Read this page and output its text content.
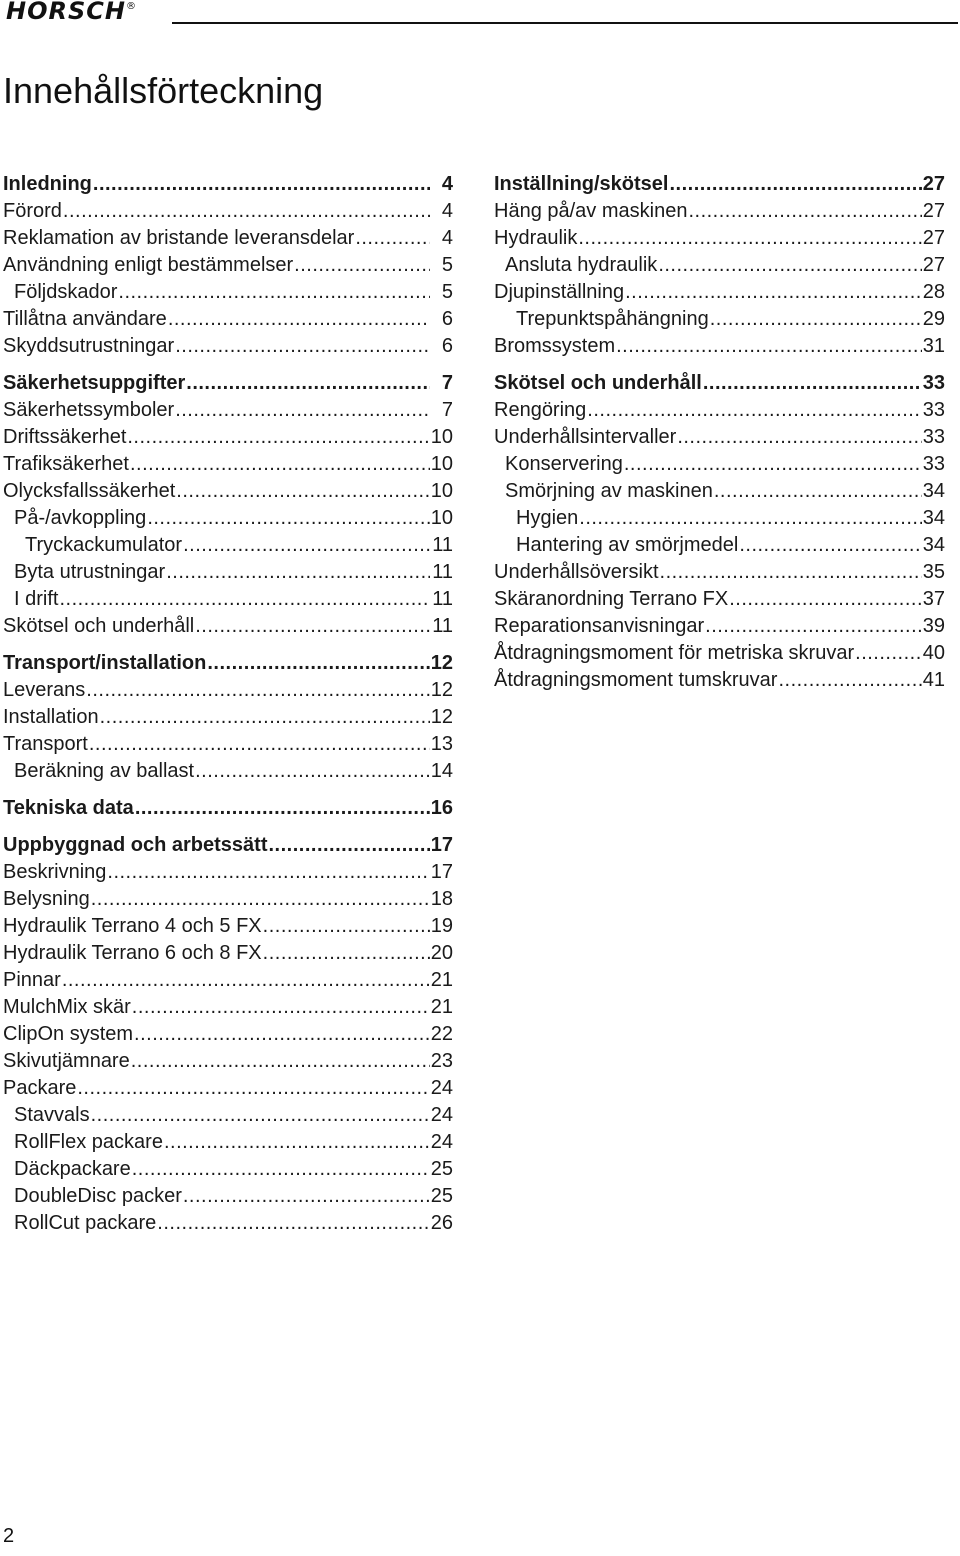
HORSCH®
Innehållsförteckning
Inledning .....	4
Förord .....	4
Reklamation av bristande leveransdelar .....	4
Användning enligt bestämmelser .....	5
Följdskador .....	5
Tillåtna användare .....	6
Skyddsutrustningar .....	6
Säkerhetsuppgifter .....	7
Säkerhetssymboler .....	7
Driftssäkerhet .....	10
Trafiksäkerhet .....	10
Olycksfallssäkerhet .....	10
På-/avkoppling .....	10
Tryckackumulator .....	11
Byta utrustningar .....	11
I drift .....	11
Skötsel och underhåll .....	11
Transport/installation .....	12
Leverans .....	12
Installation .....	12
Transport .....	13
Beräkning av ballast .....	14
Tekniska data .....	16
Uppbyggnad och arbetssätt .....	17
Beskrivning .....	17
Belysning .....	18
Hydraulik Terrano 4 och 5 FX .....	19
Hydraulik Terrano 6 och 8 FX .....	20
Pinnar .....	21
MulchMix skär .....	21
ClipOn system .....	22
Skivutjämnare .....	23
Packare .....	24
Stavvals .....	24
RollFlex packare .....	24
Däckpackare .....	25
DoubleDisc packer .....	25
RollCut packare .....	26
Inställning/skötsel .....	27
Häng på/av maskinen .....	27
Hydraulik .....	27
Ansluta hydraulik .....	27
Djupinställning .....	28
Trepunktspåhängning .....	29
Bromssystem .....	31
Skötsel och underhåll .....	33
Rengöring .....	33
Underhållsintervaller .....	33
Konservering .....	33
Smörjning av maskinen .....	34
Hygien .....	34
Hantering av smörjmedel .....	34
Underhållsöversikt .....	35
Skäranordning Terrano FX .....	37
Reparationsanvisningar .....	39
Åtdragningsmoment för metriska skruvar .....	40
Åtdragningsmoment tumskruvar .....	41
2
